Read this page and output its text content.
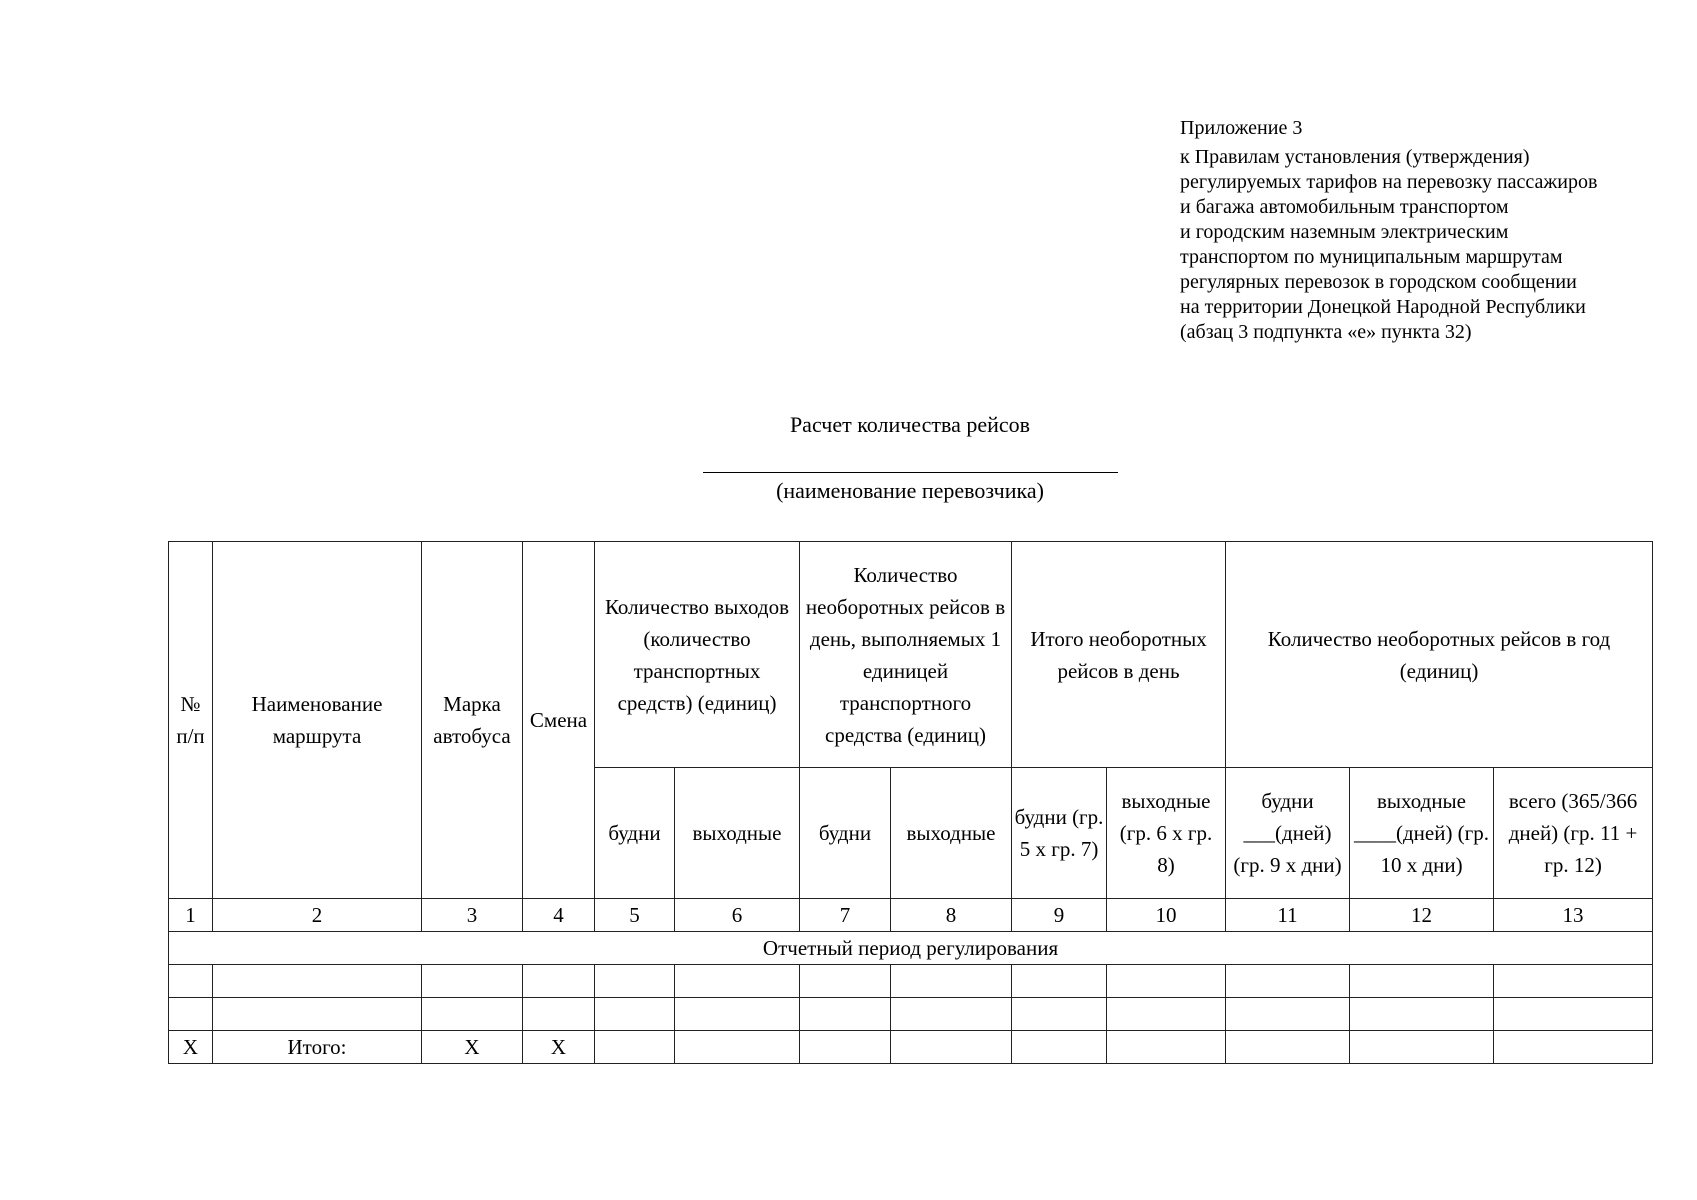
Приложение 3
к Правилам установления (утверждения)
регулируемых тарифов на перевозку пассажиров
и багажа автомобильным транспортом
и городским наземным электрическим
транспортом по муниципальным маршрутам
регулярных перевозок в городском сообщении
на территории Донецкой Народной Республики
(абзац 3 подпункта «е» пункта 32)
Расчет количества рейсов
(наименование перевозчика)
№ п/п	Наименование маршрута	Марка автобуса	Смена	Количество выходов (количество транспортных средств) (единиц)		Количество необоротных рейсов в день, выполняемых 1 единицей транспортного средства (единиц)		Итого необоротных рейсов в день		Количество необоротных рейсов в год (единиц)		
				будни	выходные	будни	выходные	будни (гр. 5 х гр. 7)	выходные (гр. 6 х гр. 8)	будни ___(дней) (гр. 9 х дни)	выходные ____(дней) (гр. 10 х дни)	всего (365/366 дней) (гр. 11 + гр. 12)
1	2	3	4	5	6	7	8	9	10	11	12	13
Отчетный период регулирования												

Х	Итого:	Х	Х									
